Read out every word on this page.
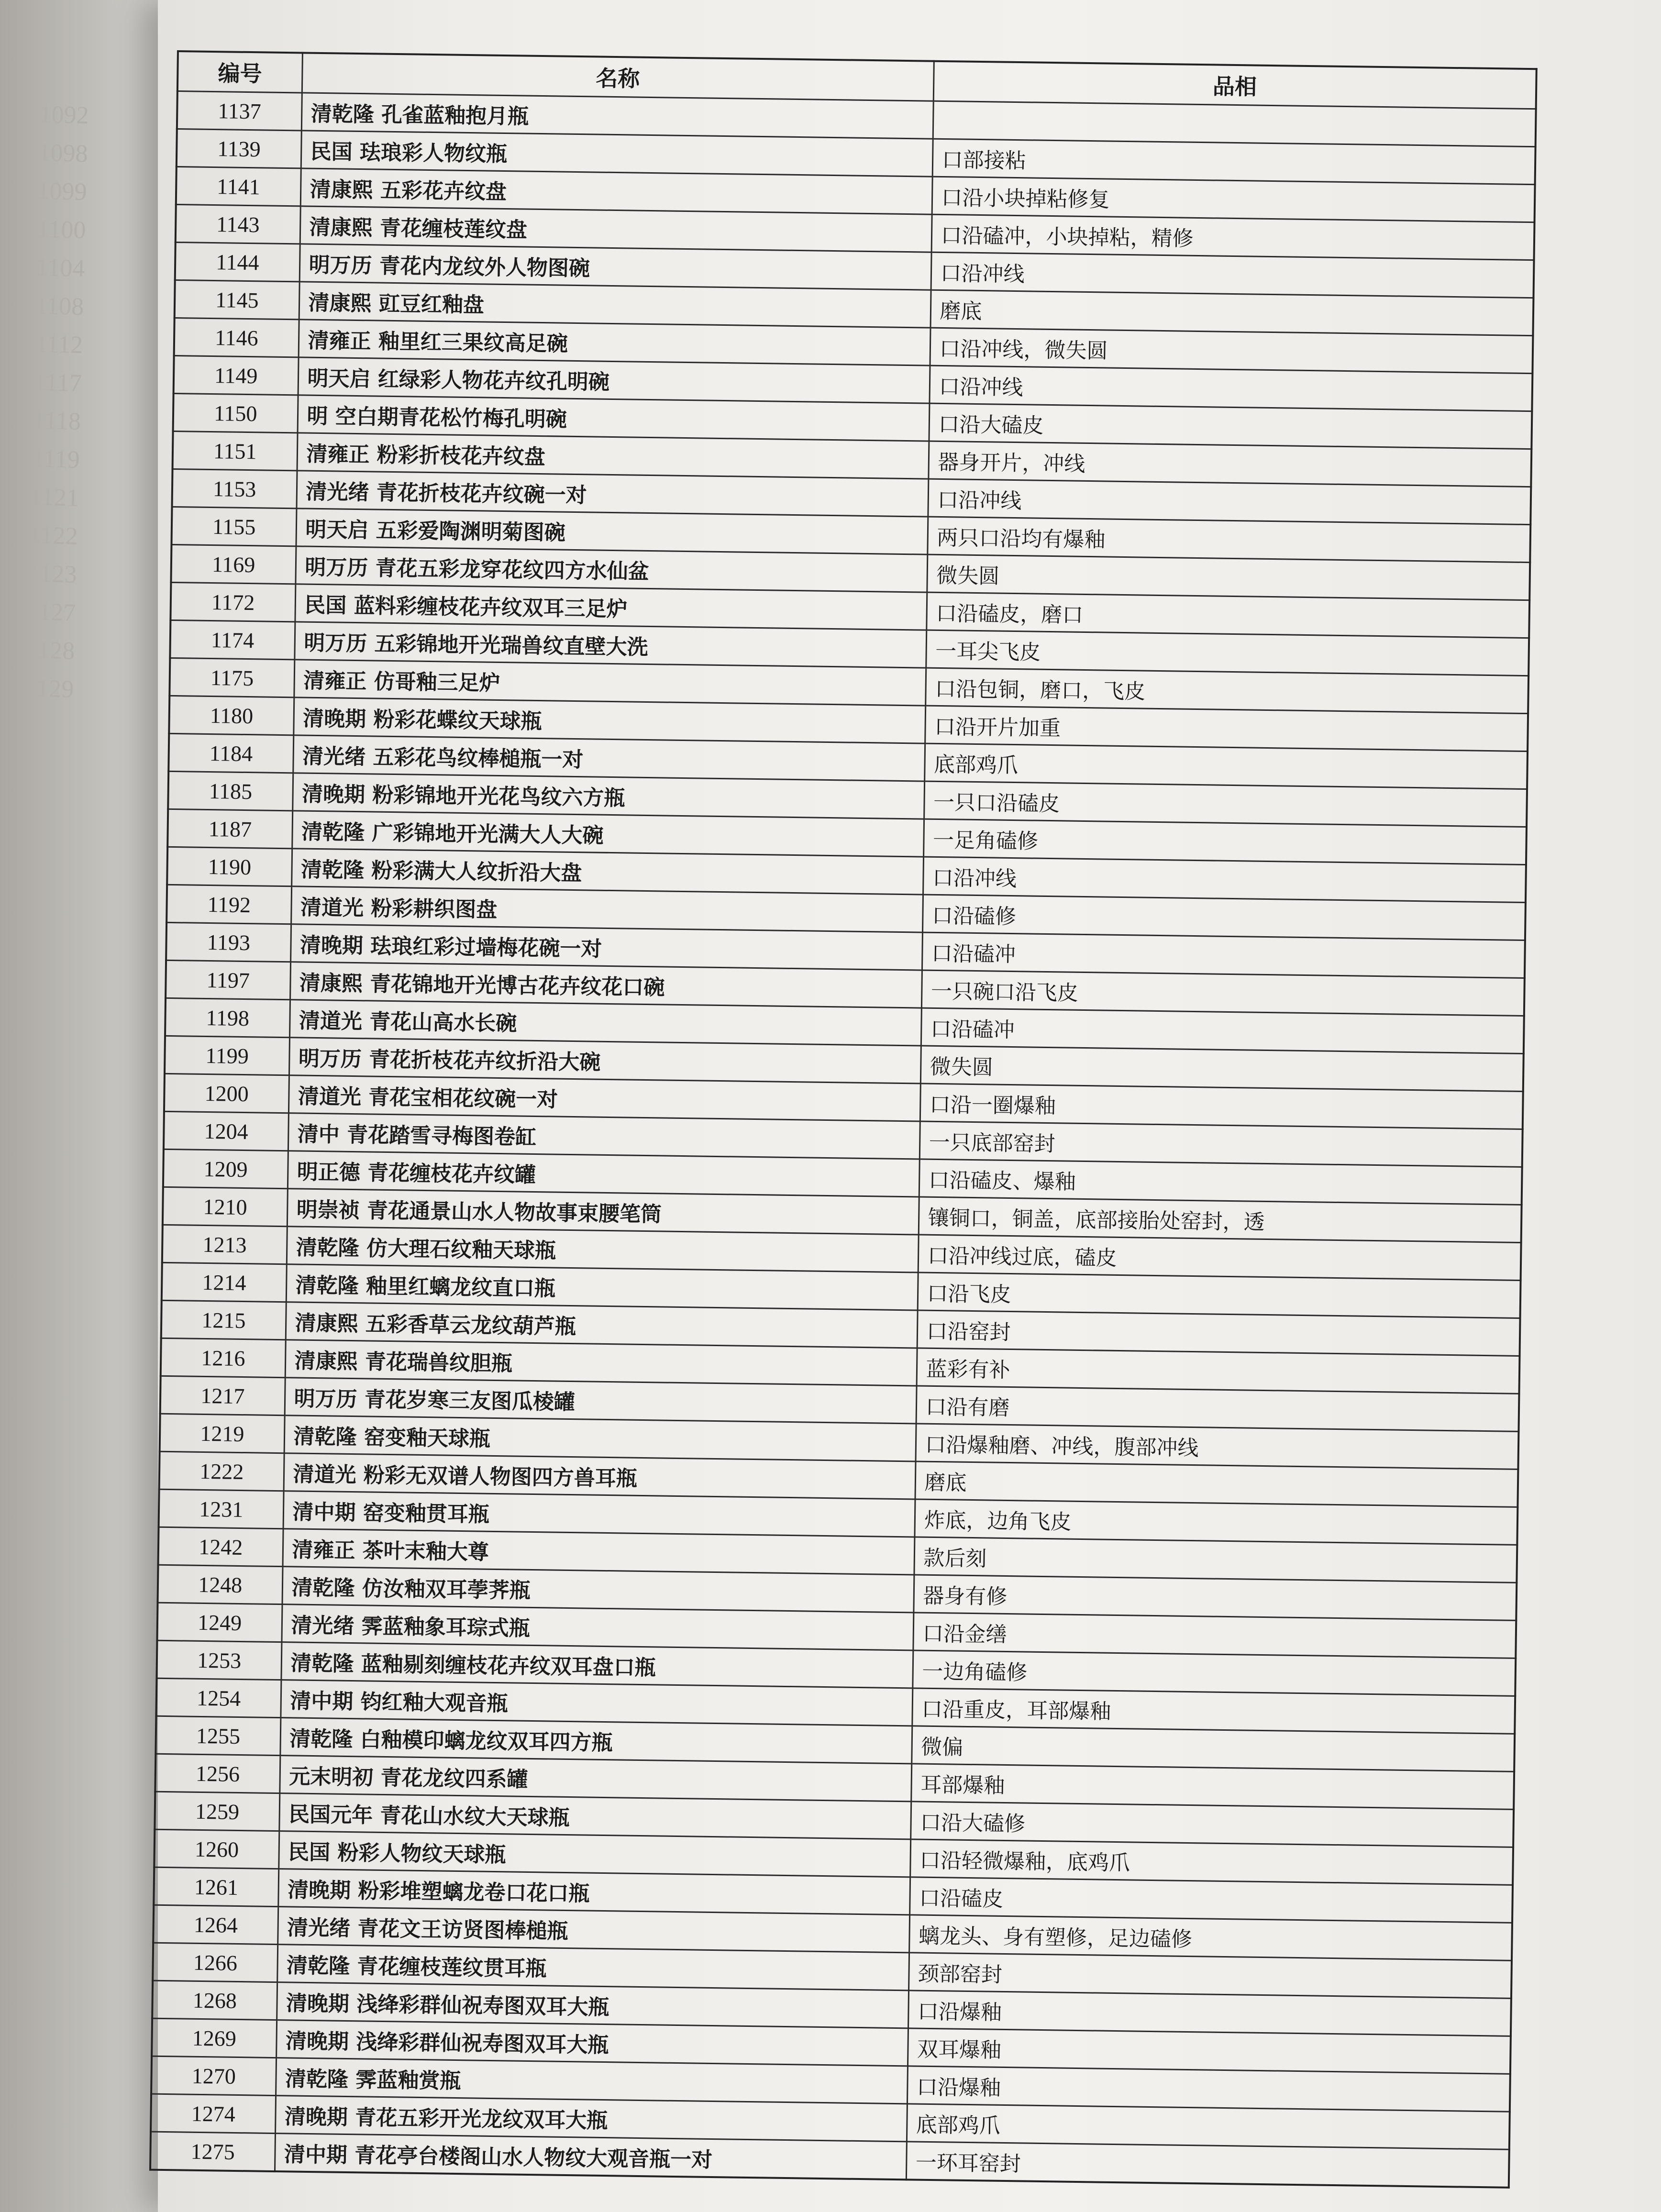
1092
1098
1099
1100
1104
1108
1112
1117
1118
1119
1121
1122
1123
1127
1128
1129
编号	名称	品相
1137	清乾隆 孔雀蓝釉抱月瓶	
1139	民国 珐琅彩人物纹瓶	口部接粘
1141	清康熙 五彩花卉纹盘	口沿小块掉粘修复
1143	清康熙 青花缠枝莲纹盘	口沿磕冲，小块掉粘，精修
1144	明万历 青花内龙纹外人物图碗	口沿冲线
1145	清康熙 豇豆红釉盘	磨底
1146	清雍正 釉里红三果纹高足碗	口沿冲线，微失圆
1149	明天启 红绿彩人物花卉纹孔明碗	口沿冲线
1150	明 空白期青花松竹梅孔明碗	口沿大磕皮
1151	清雍正 粉彩折枝花卉纹盘	器身开片，冲线
1153	清光绪 青花折枝花卉纹碗一对	口沿冲线
1155	明天启 五彩爱陶渊明菊图碗	两只口沿均有爆釉
1169	明万历 青花五彩龙穿花纹四方水仙盆	微失圆
1172	民国 蓝料彩缠枝花卉纹双耳三足炉	口沿磕皮，磨口
1174	明万历 五彩锦地开光瑞兽纹直壁大洗	一耳尖飞皮
1175	清雍正 仿哥釉三足炉	口沿包铜，磨口，飞皮
1180	清晚期 粉彩花蝶纹天球瓶	口沿开片加重
1184	清光绪 五彩花鸟纹棒槌瓶一对	底部鸡爪
1185	清晚期 粉彩锦地开光花鸟纹六方瓶	一只口沿磕皮
1187	清乾隆 广彩锦地开光满大人大碗	一足角磕修
1190	清乾隆 粉彩满大人纹折沿大盘	口沿冲线
1192	清道光 粉彩耕织图盘	口沿磕修
1193	清晚期 珐琅红彩过墙梅花碗一对	口沿磕冲
1197	清康熙 青花锦地开光博古花卉纹花口碗	一只碗口沿飞皮
1198	清道光 青花山高水长碗	口沿磕冲
1199	明万历 青花折枝花卉纹折沿大碗	微失圆
1200	清道光 青花宝相花纹碗一对	口沿一圈爆釉
1204	清中 青花踏雪寻梅图卷缸	一只底部窑封
1209	明正德 青花缠枝花卉纹罐	口沿磕皮、爆釉
1210	明崇祯 青花通景山水人物故事束腰笔筒	镶铜口，铜盖，底部接胎处窑封，透
1213	清乾隆 仿大理石纹釉天球瓶	口沿冲线过底，磕皮
1214	清乾隆 釉里红螭龙纹直口瓶	口沿飞皮
1215	清康熙 五彩香草云龙纹葫芦瓶	口沿窑封
1216	清康熙 青花瑞兽纹胆瓶	蓝彩有补
1217	明万历 青花岁寒三友图瓜棱罐	口沿有磨
1219	清乾隆 窑变釉天球瓶	口沿爆釉磨、冲线，腹部冲线
1222	清道光 粉彩无双谱人物图四方兽耳瓶	磨底
1231	清中期 窑变釉贯耳瓶	炸底，边角飞皮
1242	清雍正 茶叶末釉大尊	款后刻
1248	清乾隆 仿汝釉双耳荸荠瓶	器身有修
1249	清光绪 霁蓝釉象耳琮式瓶	口沿金缮
1253	清乾隆 蓝釉剔刻缠枝花卉纹双耳盘口瓶	一边角磕修
1254	清中期 钧红釉大观音瓶	口沿重皮，耳部爆釉
1255	清乾隆 白釉模印螭龙纹双耳四方瓶	微偏
1256	元末明初 青花龙纹四系罐	耳部爆釉
1259	民国元年 青花山水纹大天球瓶	口沿大磕修
1260	民国 粉彩人物纹天球瓶	口沿轻微爆釉，底鸡爪
1261	清晚期 粉彩堆塑螭龙卷口花口瓶	口沿磕皮
1264	清光绪 青花文王访贤图棒槌瓶	螭龙头、身有塑修，足边磕修
1266	清乾隆 青花缠枝莲纹贯耳瓶	颈部窑封
1268	清晚期 浅绛彩群仙祝寿图双耳大瓶	口沿爆釉
1269	清晚期 浅绛彩群仙祝寿图双耳大瓶	双耳爆釉
1270	清乾隆 霁蓝釉赏瓶	口沿爆釉
1274	清晚期 青花五彩开光龙纹双耳大瓶	底部鸡爪
1275	清中期 青花亭台楼阁山水人物纹大观音瓶一对	一环耳窑封
